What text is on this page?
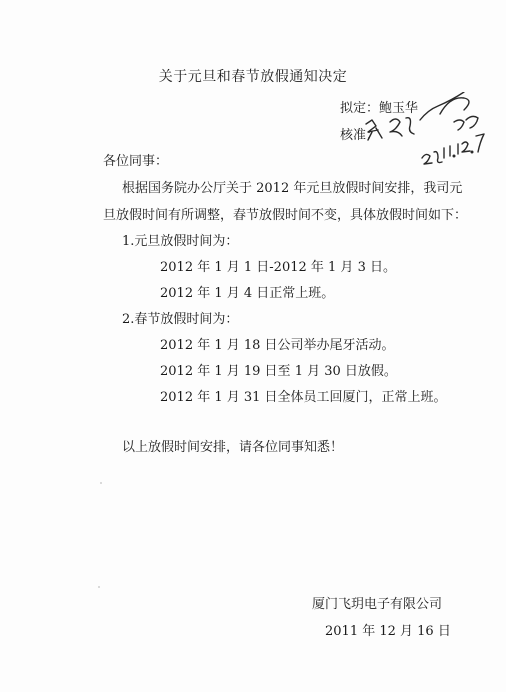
关于元旦和春节放假通知决定
拟定：鲍玉华
核准：
各位同事：
根据国务院办公厅关于 2012 年元旦放假时间安排，我司元
旦放假时间有所调整，春节放假时间不变，具体放假时间如下：
1.元旦放假时间为：
2012 年 1 月 1 日-2012 年 1 月 3 日。
2012 年 1 月 4 日正常上班。
2.春节放假时间为：
2012 年 1 月 18 日公司举办尾牙活动。
2012 年 1 月 19 日至 1 月 30 日放假。
2012 年 1 月 31 日全体员工回厦门，正常上班。
以上放假时间安排，请各位同事知悉！
厦门飞玥电子有限公司
2011 年 12 月 16 日
